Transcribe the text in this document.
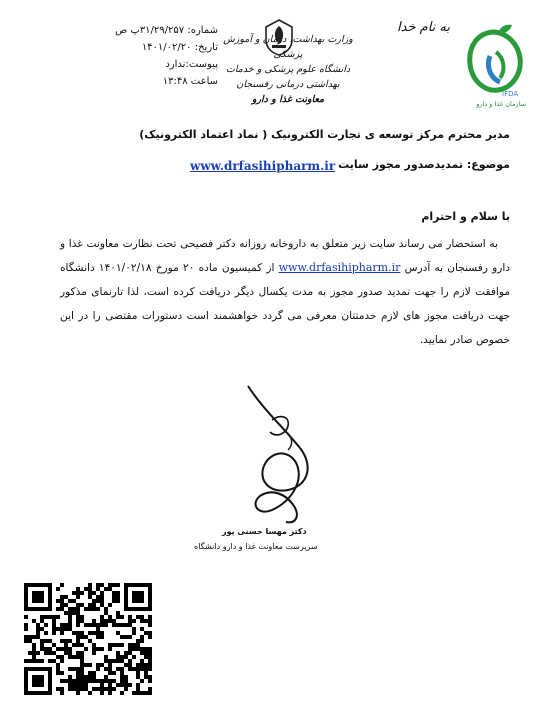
به نام خدا
IFDA
سازمان غذا و دارو
وزارت بهداشت، درمان و آموزش پزشکی
دانشگاه علوم پزشکی و خدمات بهداشتی درمانی رفسنجان
معاونت غذا و دارو
شماره: ۳۱/۲۹/۲۵۷پ ص
تاریخ: ۱۴۰۱/۰۲/۲۰
پیوست:ندارد
ساعت ۱۳:۴۸
مدیر محترم مرکز توسعه ی تجارت الکترونیک ( نماد اعتماد الکترونیک)
موضوع: تمدیدصدور مجوز سایت
www.drfasihipharm.ir
با سلام و احترام
به استحضار می رساند سایت زیر متعلق به داروخانه روزانه دکتر فصیحی تحت نظارت معاونت غذا و دارو رفسنجان به آدرس www.drfasihipharm.ir از کمیسیون ماده ۲۰ مورخ ۱۴۰۱/۰۲/۱۸ دانشگاه موافقت لازم را جهت تمدید صدور مجوز به مدت یکسال دیگر دریافت کرده است، لذا تارنمای مذکور جهت دریافت مجوز های لازم خدمتتان معرفی می گردد خواهشمند است دستورات مقتضی را در این خصوص صادر نمایید.
دکتر مهسا حسنی پور
سرپرست معاونت غذا و دارو دانشگاه
